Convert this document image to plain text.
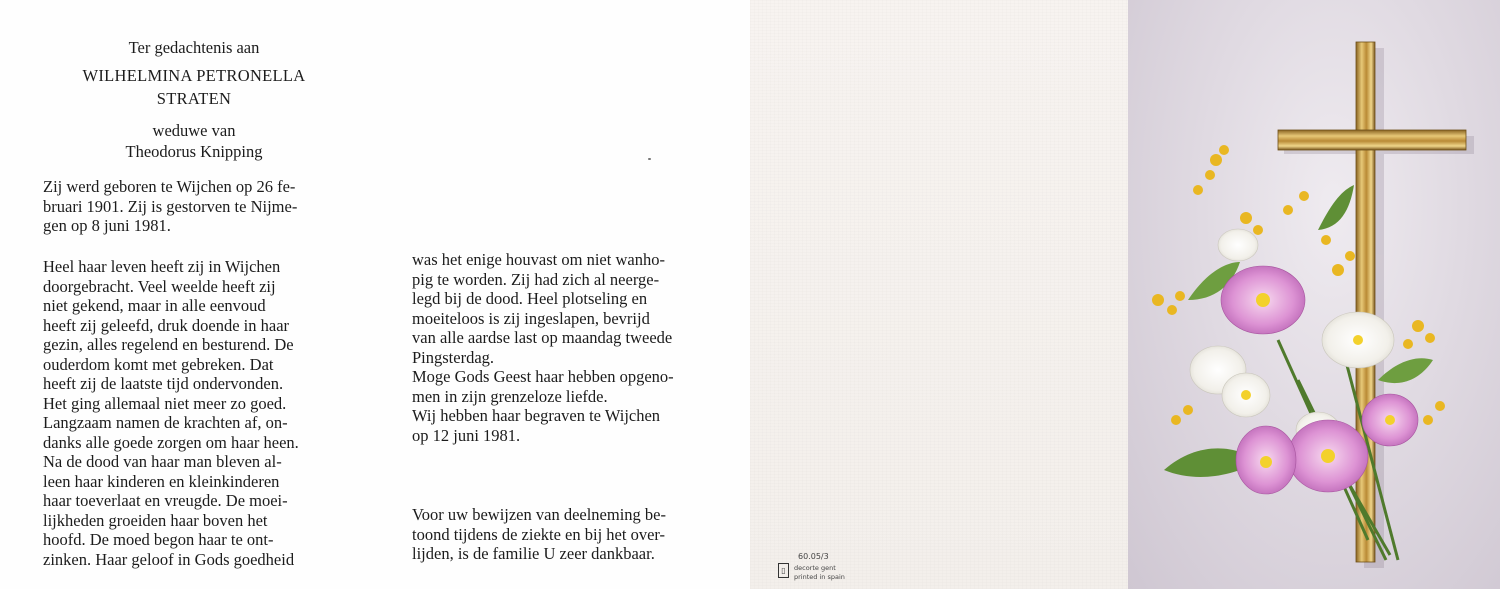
Ter gedachtenis aan
WILHELMINA PETRONELLA
STRATEN
weduwe van
Theodorus Knipping

Zij werd geboren te Wijchen op 26 fe-

bruari 1901. Zij is gestorven te Nijme-

gen op 8 juni 1981.

Heel haar leven heeft zij in Wijchen

doorgebracht. Veel weelde heeft zij

niet gekend, maar in alle eenvoud

heeft zij geleefd, druk doende in haar

gezin, alles regelend en besturend. De

ouderdom komt met gebreken. Dat

heeft zij de laatste tijd ondervonden.

Het ging allemaal niet meer zo goed.

Langzaam namen de krachten af, on-

danks alle goede zorgen om haar heen.

Na de dood van haar man bleven al-

leen haar kinderen en kleinkinderen

haar toeverlaat en vreugde. De moei-

lijkheden groeiden haar boven het

hoofd. De moed begon haar te ont-

zinken. Haar geloof in Gods goedheid

was het enige houvast om niet wanho-

pig te worden. Zij had zich al neerge-

legd bij de dood. Heel plotseling en

moeiteloos is zij ingeslapen, bevrijd

van alle aardse last op maandag tweede

Pingsterdag.

Moge Gods Geest haar hebben opgeno-

men in zijn grenzeloze liefde.

Wij hebben haar begraven te Wijchen

op 12 juni 1981.

Voor uw bewijzen van deelneming be-

toond tijdens de ziekte en bij het over-

lijden, is de familie U zeer dankbaar.	60.05/3
▯	decorte gent
printed in spain
